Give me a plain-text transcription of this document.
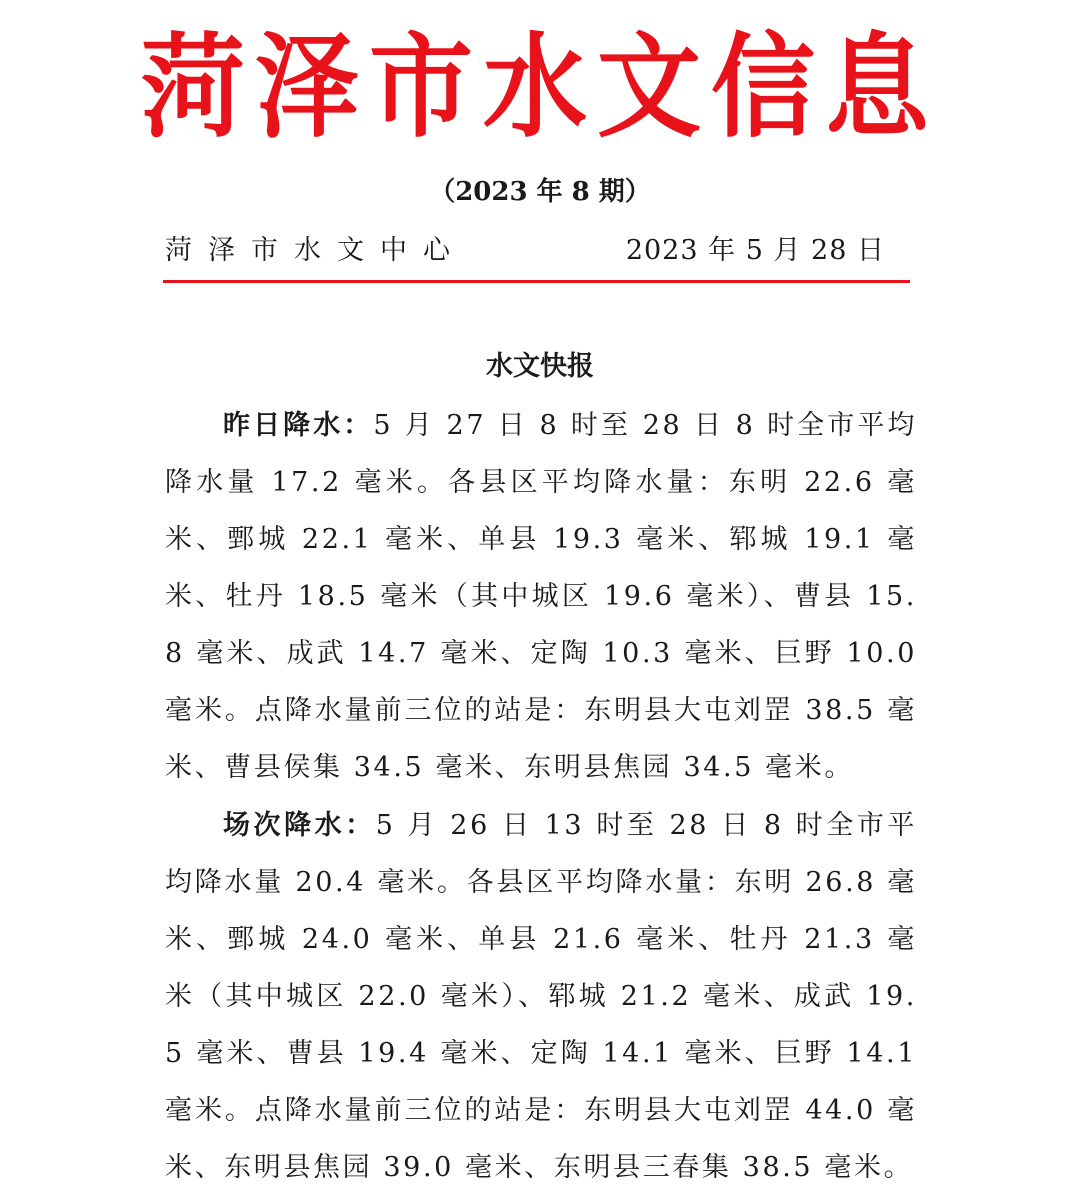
菏泽市水文信息
（2023 年 8 期）
菏泽市水文中心	2023 年 5 月 28 日
水文快报

昨日降水：5 月 27 日 8 时至 28 日 8 时全市平均降水量 17.2 毫米。各县区平均降水量：东明 22.6 毫米、鄄城 22.1 毫米、单县 19.3 毫米、郓城 19.1 毫米、牡丹 18.5 毫米（其中城区 19.6 毫米）、曹县 15.8 毫米、成武 14.7 毫米、定陶 10.3 毫米、巨野 10.0 毫米。点降水量前三位的站是：东明县大屯刘罡 38.5 毫米、曹县侯集 34.5 毫米、东明县焦园 34.5 毫米。

场次降水：5 月 26 日 13 时至 28 日 8 时全市平均降水量 20.4 毫米。各县区平均降水量：东明 26.8 毫米、鄄城 24.0 毫米、单县 21.6 毫米、牡丹 21.3 毫米（其中城区 22.0 毫米）、郓城 21.2 毫米、成武 19.5 毫米、曹县 19.4 毫米、定陶 14.1 毫米、巨野 14.1 毫米。点降水量前三位的站是：东明县大屯刘罡 44.0 毫米、东明县焦园 39.0 毫米、东明县三春集 38.5 毫米。
